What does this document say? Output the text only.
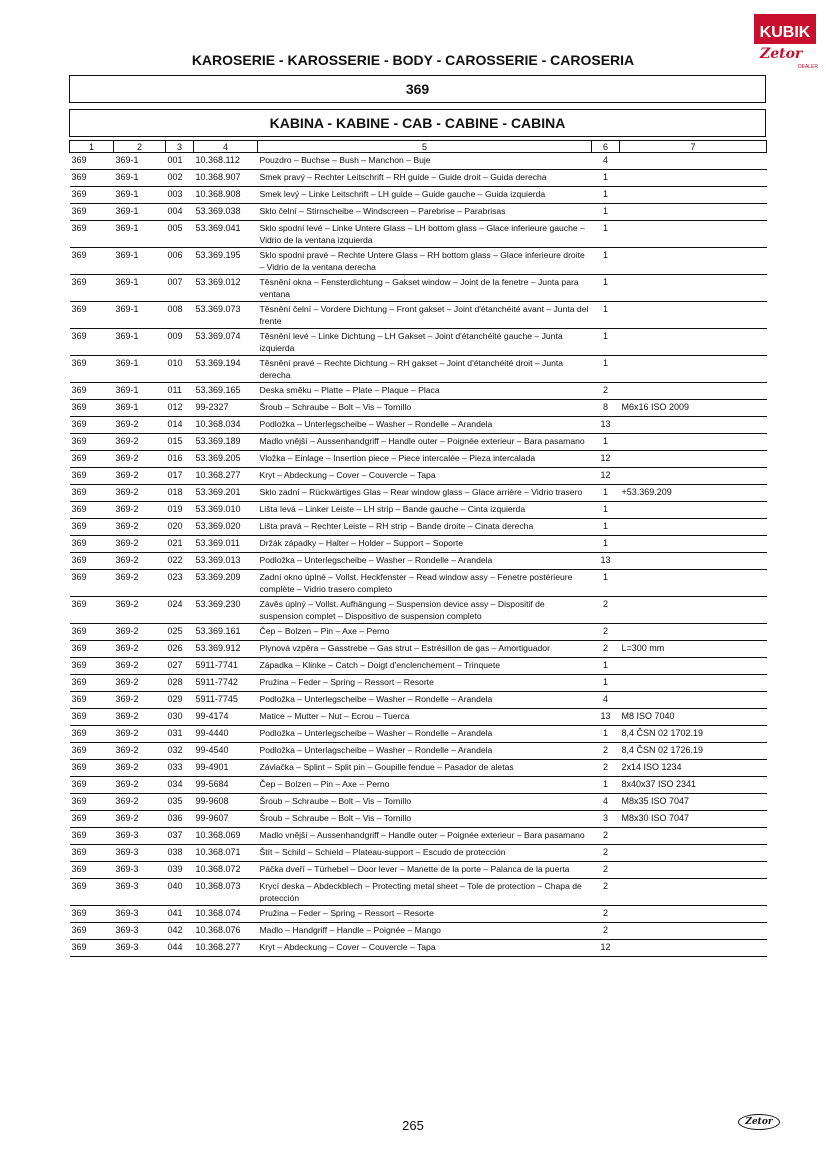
KUBIK
Zetor
DEALER
KAROSERIE - KAROSSERIE - BODY - CAROSSERIE - CAROSERIA
369
KABINA - KABINE - CAB - CABINE - CABINA
1	2	3	4	5	6	7
369	369-1	001	10.368.112	Pouzdro – Buchse – Bush – Manchon – Buje	4	
369	369-1	002	10.368.907	Smek pravý – Rechter Leitschrift – RH guide – Guide droit – Guida derecha	1	
369	369-1	003	10.368.908	Smek levý – Linke Leitschrift – LH guide – Guide gauche – Guida izquierda	1	
369	369-1	004	53.369.038	Sklo čelní – Stirnscheibe – Windscreen – Parebrise – Parabrisas	1	
369	369-1	005	53.369.041	Sklo spodní levé – Linke Untere Glass – LH bottom glass – Glace inferieure gauche – Vidrio de la ventana izquierda	1	
369	369-1	006	53.369.195	Sklo spodní pravé – Rechte Untere Glass – RH bottom glass – Glace inferieure droite – Vidrio de la ventana derecha	1	
369	369-1	007	53.369.012	Těsnění okna – Fensterdichtung – Gakset window – Joint de la fenetre – Junta para ventana	1	
369	369-1	008	53.369.073	Těsnění čelní – Vordere Dichtung – Front gakset – Joint d'étanchéité avant – Junta del frente	1	
369	369-1	009	53.369.074	Těsnění levé – Linke Dichtung – LH Gakset – Joint d'étanchéité gauche – Junta izquierda	1	
369	369-1	010	53.369.194	Těsnění pravé – Rechte Dichtung – RH gakset – Joint d'étanchéité droit – Junta derecha	1	
369	369-1	011	53.369.165	Deska směku – Platte – Plate – Plaque – Placa	2	
369	369-1	012	99-2327	Šroub – Schraube – Bolt – Vis – Tornillo	8	M6x16 ISO 2009
369	369-2	014	10.368.034	Podložka – Unterlegscheibe – Washer – Rondelle – Arandela	13	
369	369-2	015	53.369.189	Madlo vnější – Aussenhandgriff – Handle outer – Poignée exterieur – Bara pasamano	1	
369	369-2	016	53.369.205	Vložka – Einlage – Insertion piece – Piece intercalée – Pieza intercalada	12	
369	369-2	017	10.368.277	Kryt – Abdeckung – Cover – Couvercle – Tapa	12	
369	369-2	018	53.369.201	Sklo zadní – Rückwärtiges Glas – Rear window glass – Glace arrière – Vidrio trasero	1	+53.369.209
369	369-2	019	53.369.010	Lišta levá – Linker Leiste – LH strip – Bande gauche – Cinta izquierda	1	
369	369-2	020	53.369.020	Lišta pravá – Rechter Leiste – RH strip – Bande droite – Cinata derecha	1	
369	369-2	021	53.369.011	Držák západky – Halter – Holder – Support – Soporte	1	
369	369-2	022	53.369.013	Podložka – Unterlegscheibe – Washer – Rondelle – Arandela	13	
369	369-2	023	53.369.209	Zadní okno úplné – Vollst. Heckfenster – Read window assy – Fenetre postérieure complète – Vidrio trasero completo	1	
369	369-2	024	53.369.230	Závěs úplný – Vollst. Aufhängung – Suspension device assy – Dispositif de suspension complet – Dispositivo de suspension completo	2	
369	369-2	025	53.369.161	Čep – Bolzen – Pin – Axe – Perno	2	
369	369-2	026	53.369.912	Plynová vzpěra – Gasstrebe – Gas strut – Estrésillon de gas – Amortiguador	2	L=300 mm
369	369-2	027	5911-7741	Západka – Klinke – Catch – Doigt d'enclenchement – Trinquete	1	
369	369-2	028	5911-7742	Pružina – Feder – Spring – Ressort – Resorte	1	
369	369-2	029	5911-7745	Podložka – Unterlegscheibe – Washer – Rondelle – Arandela	4	
369	369-2	030	99-4174	Matice – Mutter – Nut – Ecrou – Tuerca	13	M8 ISO 7040
369	369-2	031	99-4440	Podložka – Unterlegscheibe – Washer – Rondelle – Arandela	1	8,4 ČSN 02 1702.19
369	369-2	032	99-4540	Podložka – Unterlagscheibe – Washer – Rondelle – Arandela	2	8,4 ČSN 02 1726.19
369	369-2	033	99-4901	Závlačka – Splint – Split pin – Goupille fendue – Pasador de aletas	2	2x14 ISO 1234
369	369-2	034	99-5684	Čep – Bolzen – Pin – Axe – Perno	1	8x40x37 ISO 2341
369	369-2	035	99-9608	Šroub – Schraube – Bolt – Vis – Tornillo	4	M8x35 ISO 7047
369	369-2	036	99-9607	Šroub – Schraube – Bolt – Vis – Tornillo	3	M8x30 ISO 7047
369	369-3	037	10.368.069	Madlo vnější – Aussenhandgriff – Handle outer – Poignée exterieur – Bara pasamano	2	
369	369-3	038	10.368.071	Štít – Schild – Schield – Plateau-support – Escudo de protección	2	
369	369-3	039	10.368.072	Páčka dveří – Türhebel – Door lever – Manette de la porte – Palanca de la puerta	2	
369	369-3	040	10.368.073	Krycí deska – Abdeckblech – Protecting metal sheet – Tole de protection – Chapa de protección	2	
369	369-3	041	10.368.074	Pružina – Feder – Spring – Ressort – Resorte	2	
369	369-3	042	10.368.076	Madlo – Handgriff – Handle – Poignée – Mango	2	
369	369-3	044	10.368.277	Kryt – Abdeckung – Cover – Couvercle – Tapa	12	
265	Zetor
